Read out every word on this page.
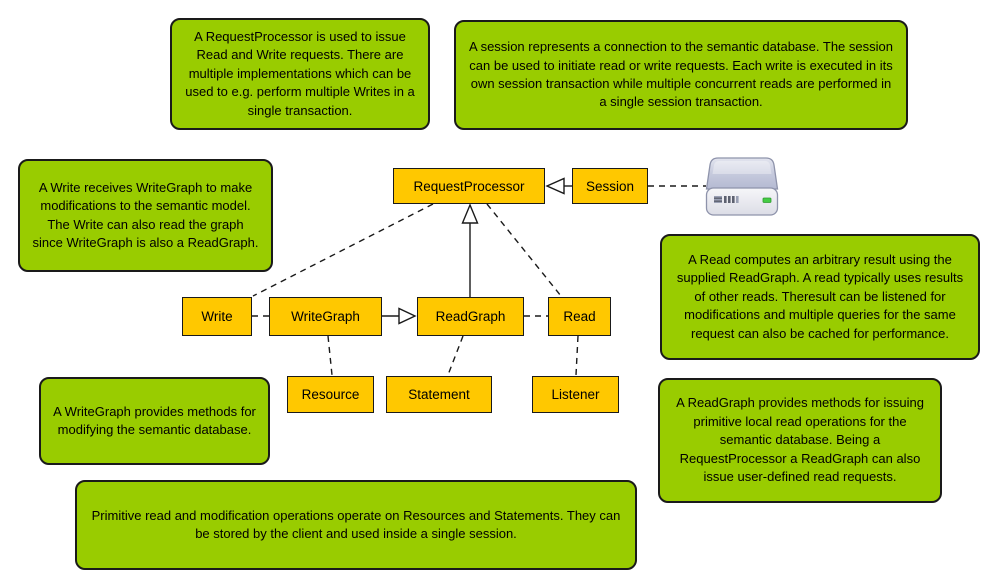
A RequestProcessor is used to issue Read and Write requests. There are multiple implementations which can be used to e.g. perform multiple Writes in a single transaction.
A session represents a connection to the semantic database. The session can be used to initiate read or write requests. Each write is executed in its own session transaction while multiple concurrent reads are performed in a single session transaction.
A Write receives WriteGraph to make modifications to the semantic model. The Write can also read the graph since WriteGraph is also a ReadGraph.
A Read computes an arbitrary result using the supplied ReadGraph. A read typically uses results of other reads. Theresult can be listened for modifications and multiple queries for the same request can also be cached for performance.
A WriteGraph provides methods for modifying the semantic database.
A ReadGraph provides methods for issuing primitive local read operations for the semantic database. Being a RequestProcessor a ReadGraph can also issue user-defined read requests.
Primitive read and modification operations operate on Resources and Statements. They can be stored by the client and used inside a single session.
RequestProcessor	Session
Write	WriteGraph	ReadGraph	Read
Resource	Statement	Listener
